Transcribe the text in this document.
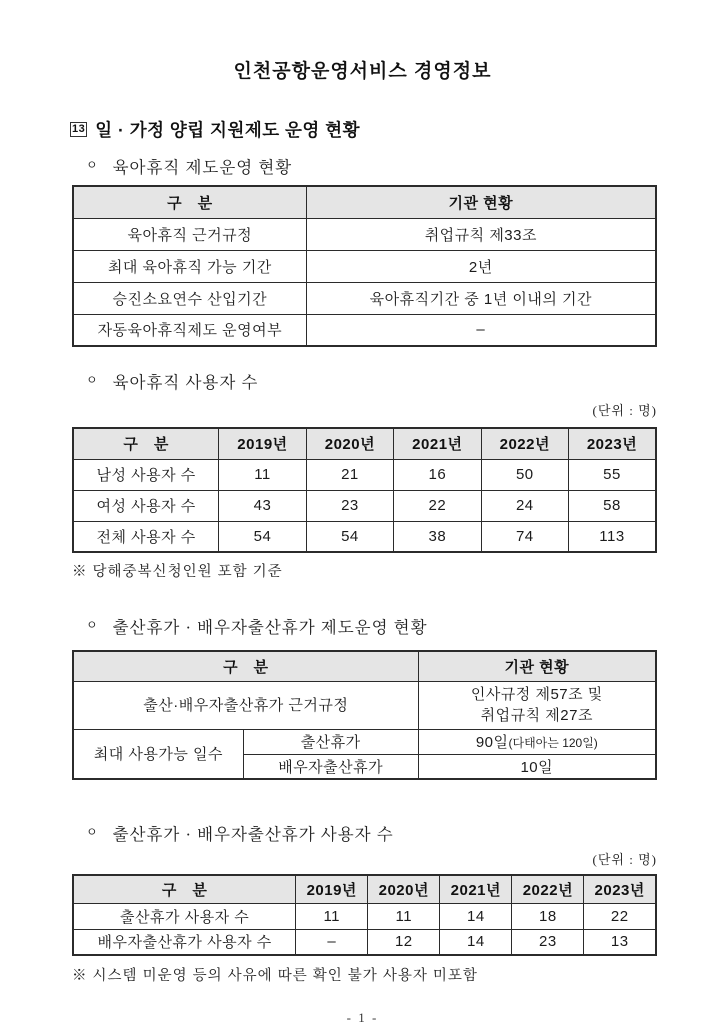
인천공항운영서비스 경영정보
13 일 · 가정 양립 지원제도 운영 현황
ㅇ 육아휴직 제도운영 현황
구 분	기관 현황
육아휴직 근거규정	취업규칙 제33조
최대 육아휴직 가능 기간	2년
승진소요연수 산입기간	육아휴직기간 중 1년 이내의 기간
자동육아휴직제도 운영여부	–
ㅇ 육아휴직 사용자 수
(단위 : 명)
구 분	2019년	2020년	2021년	2022년	2023년
남성 사용자 수	11	21	16	50	55
여성 사용자 수	43	23	22	24	58
전체 사용자 수	54	54	38	74	113
※ 당해중복신청인원 포함 기준
ㅇ 출산휴가 · 배우자출산휴가 제도운영 현황
구 분		기관 현황
출산·배우자출산휴가 근거규정		인사규정 제57조 및
취업규칙 제27조
최대 사용가능 일수	출산휴가	90일(다태아는 120일)
	배우자출산휴가	10일
ㅇ 출산휴가 · 배우자출산휴가 사용자 수
(단위 : 명)
구 분	2019년	2020년	2021년	2022년	2023년
출산휴가 사용자 수	11	11	14	18	22
배우자출산휴가 사용자 수	–	12	14	23	13
※ 시스템 미운영 등의 사유에 따른 확인 불가 사용자 미포함
- 1 -
